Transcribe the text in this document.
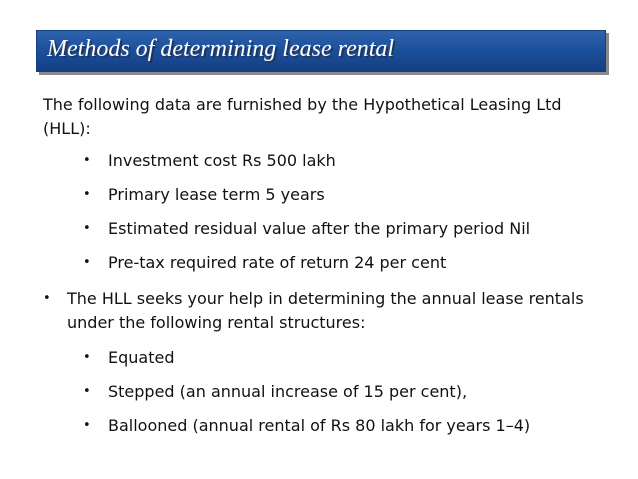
Methods of determining lease rental

The following data are furnished by the Hypothetical Leasing Ltd (HLL):

• Investment cost Rs 500 lakh
• Primary lease term 5 years
• Estimated residual value after the primary period Nil
• Pre-tax required rate of return 24 per cent
• The HLL seeks your help in determining the annual lease rentals under the following rental structures:
• Equated
• Stepped (an annual increase of 15 per cent),
• Ballooned (annual rental of Rs 80 lakh for years 1–4)
